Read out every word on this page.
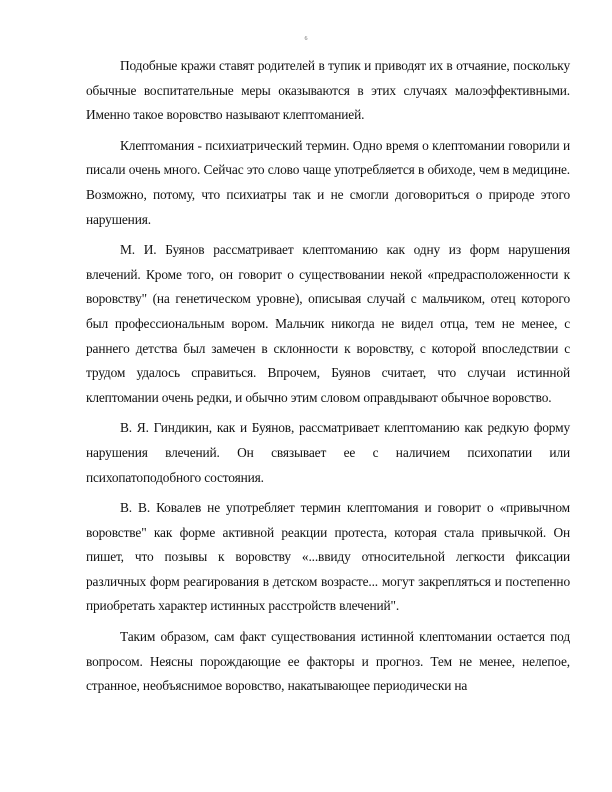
6

Подобные кражи ставят родителей в тупик и приводят их в отчаяние, поскольку обычные воспитательные меры оказываются в этих случаях малоэффективными. Именно такое воровство называют клептоманией.

Клептомания - психиатрический термин. Одно время о клептомании говорили и писали очень много. Сейчас это слово чаще употребляется в обиходе, чем в медицине. Возможно, потому, что психиатры так и не смогли договориться о природе этого нарушения.

М. И. Буянов рассматривает клептоманию как одну из форм нарушения влечений. Кроме того, он говорит о существовании некой «предрасположенности к воровству" (на генетическом уровне), описывая случай с мальчиком, отец которого был профессиональным вором. Мальчик никогда не видел отца, тем не менее, с раннего детства был замечен в склонности к воровству, с которой впоследствии с трудом удалось справиться. Впрочем, Буянов считает, что случаи истинной клептомании очень редки, и обычно этим словом оправдывают обычное воровство.

В. Я. Гиндикин, как и Буянов, рассматривает клептоманию как редкую форму нарушения влечений. Он связывает ее с наличием психопатии или психопатоподобного состояния.

В. В. Ковалев не употребляет термин клептомания и говорит о «привычном воровстве" как форме активной реакции протеста, которая стала привычкой. Он пишет, что позывы к воровству «...ввиду относительной легкости фиксации различных форм реагирования в детском возрасте... могут закрепляться и постепенно приобретать характер истинных расстройств влечений".

Таким образом, сам факт существования истинной клептомании остается под вопросом. Неясны порождающие ее факторы и прогноз. Тем не менее, нелепое, странное, необъяснимое воровство, накатывающее периодически на
